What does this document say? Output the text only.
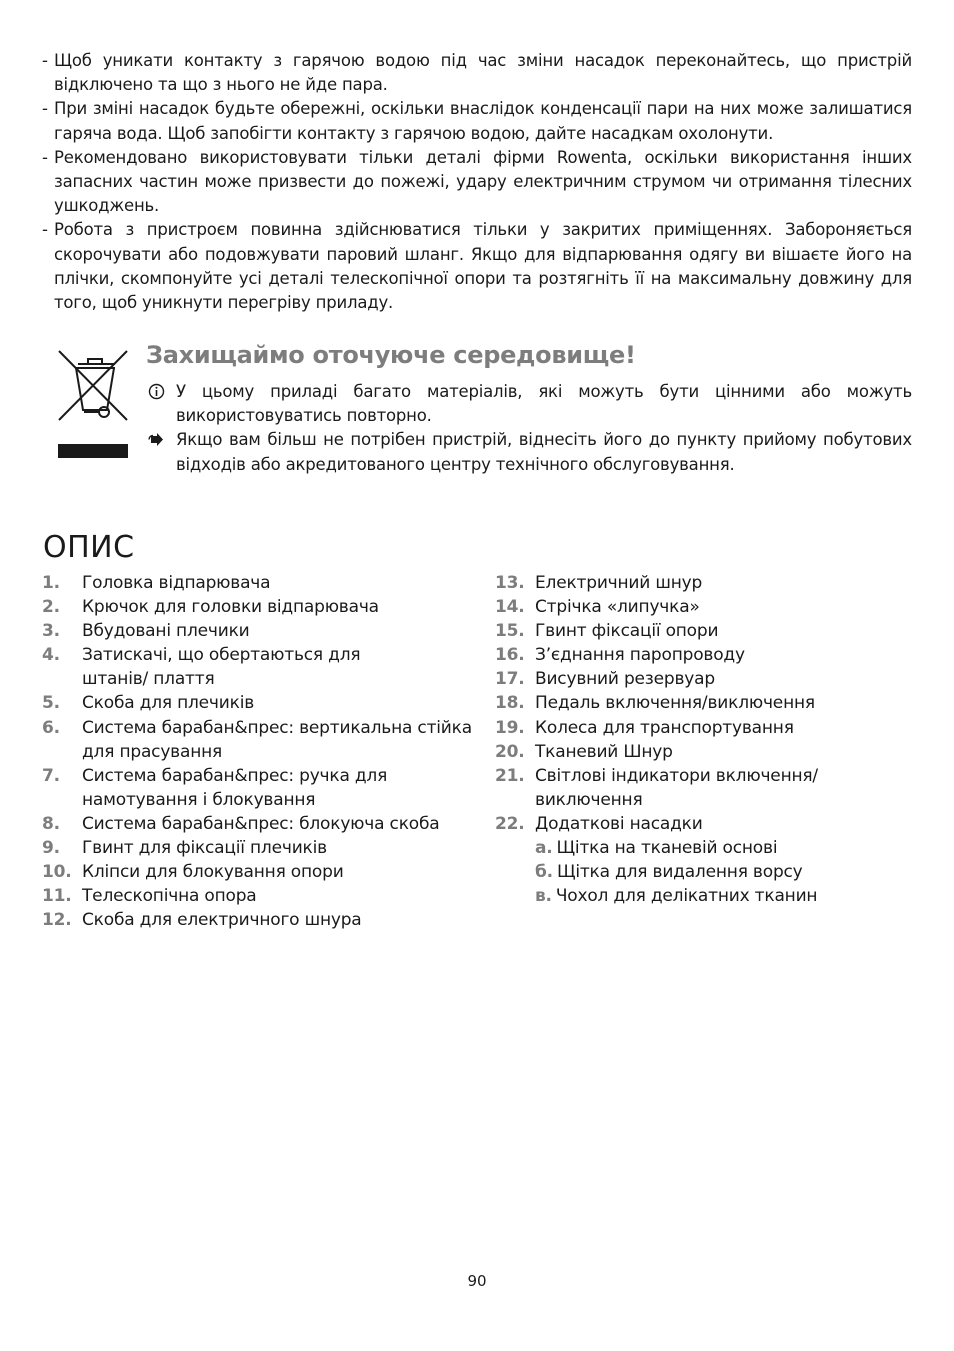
- Щоб уникати контакту з гарячою водою під час зміни насадок переконайтесь, що пристрій відключено та що з нього не йде пара.
- При зміні насадок будьте обережні, оскільки внаслідок конденсації пари на них може залишатися гаряча вода. Щоб запобігти контакту з гарячою водою, дайте насадкам охолонути.
- Рекомендовано використовувати тільки деталі фірми Rowenta, оскільки використання інших запасних частин може призвести до пожежі, удару електричним струмом чи отримання тілесних ушкоджень.
- Робота з пристроєм повинна здійснюватися тільки у закритих приміщеннях. Забороняється скорочувати або подовжувати паровий шланг. Якщо для відпарювання одягу ви вішаєте його на плічки, скомпонуйте усі деталі телескопічної опори та розтягніть її на максимальну довжину для того, щоб уникнути перегріву приладу.
Захищаймо оточуюче середовище!
У цьому приладі багато матеріалів, які можуть бути цінними або можуть використовуватись повторно.
Якщо вам більш не потрібен пристрій, віднесіть його до пункту прийому побутових відходів або акредитованого центру технічного обслуговування.
ОПИС
1. Головка відпарювача
2. Крючок для головки відпарювача
3. Вбудовані плечики
4. Затискачі, що обертаються для штанів/ плаття
5. Скоба для плечиків
6. Система барабан&прес: вертикальна стійка для прасування
7. Система барабан&прес: ручка для намотування і блокування
8. Система барабан&прес: блокуюча скоба
9. Гвинт для фіксації плечиків
10. Кліпси для блокування опори
11. Телескопічна опора
12. Скоба для електричного шнура
13. Електричний шнур
14. Стрічка «липучка»
15. Гвинт фіксації опори
16. З’єднання паропроводу
17. Висувний резервуар
18. Педаль включення/виключення
19. Колеса для транспортування
20. Тканевий Шнур
21. Світлові індикатори включення/ виключення
22. Додаткові насадки
а. Щітка на тканевій основі
б. Щітка для видалення ворсу
в. Чохол для делікатних тканин
90
